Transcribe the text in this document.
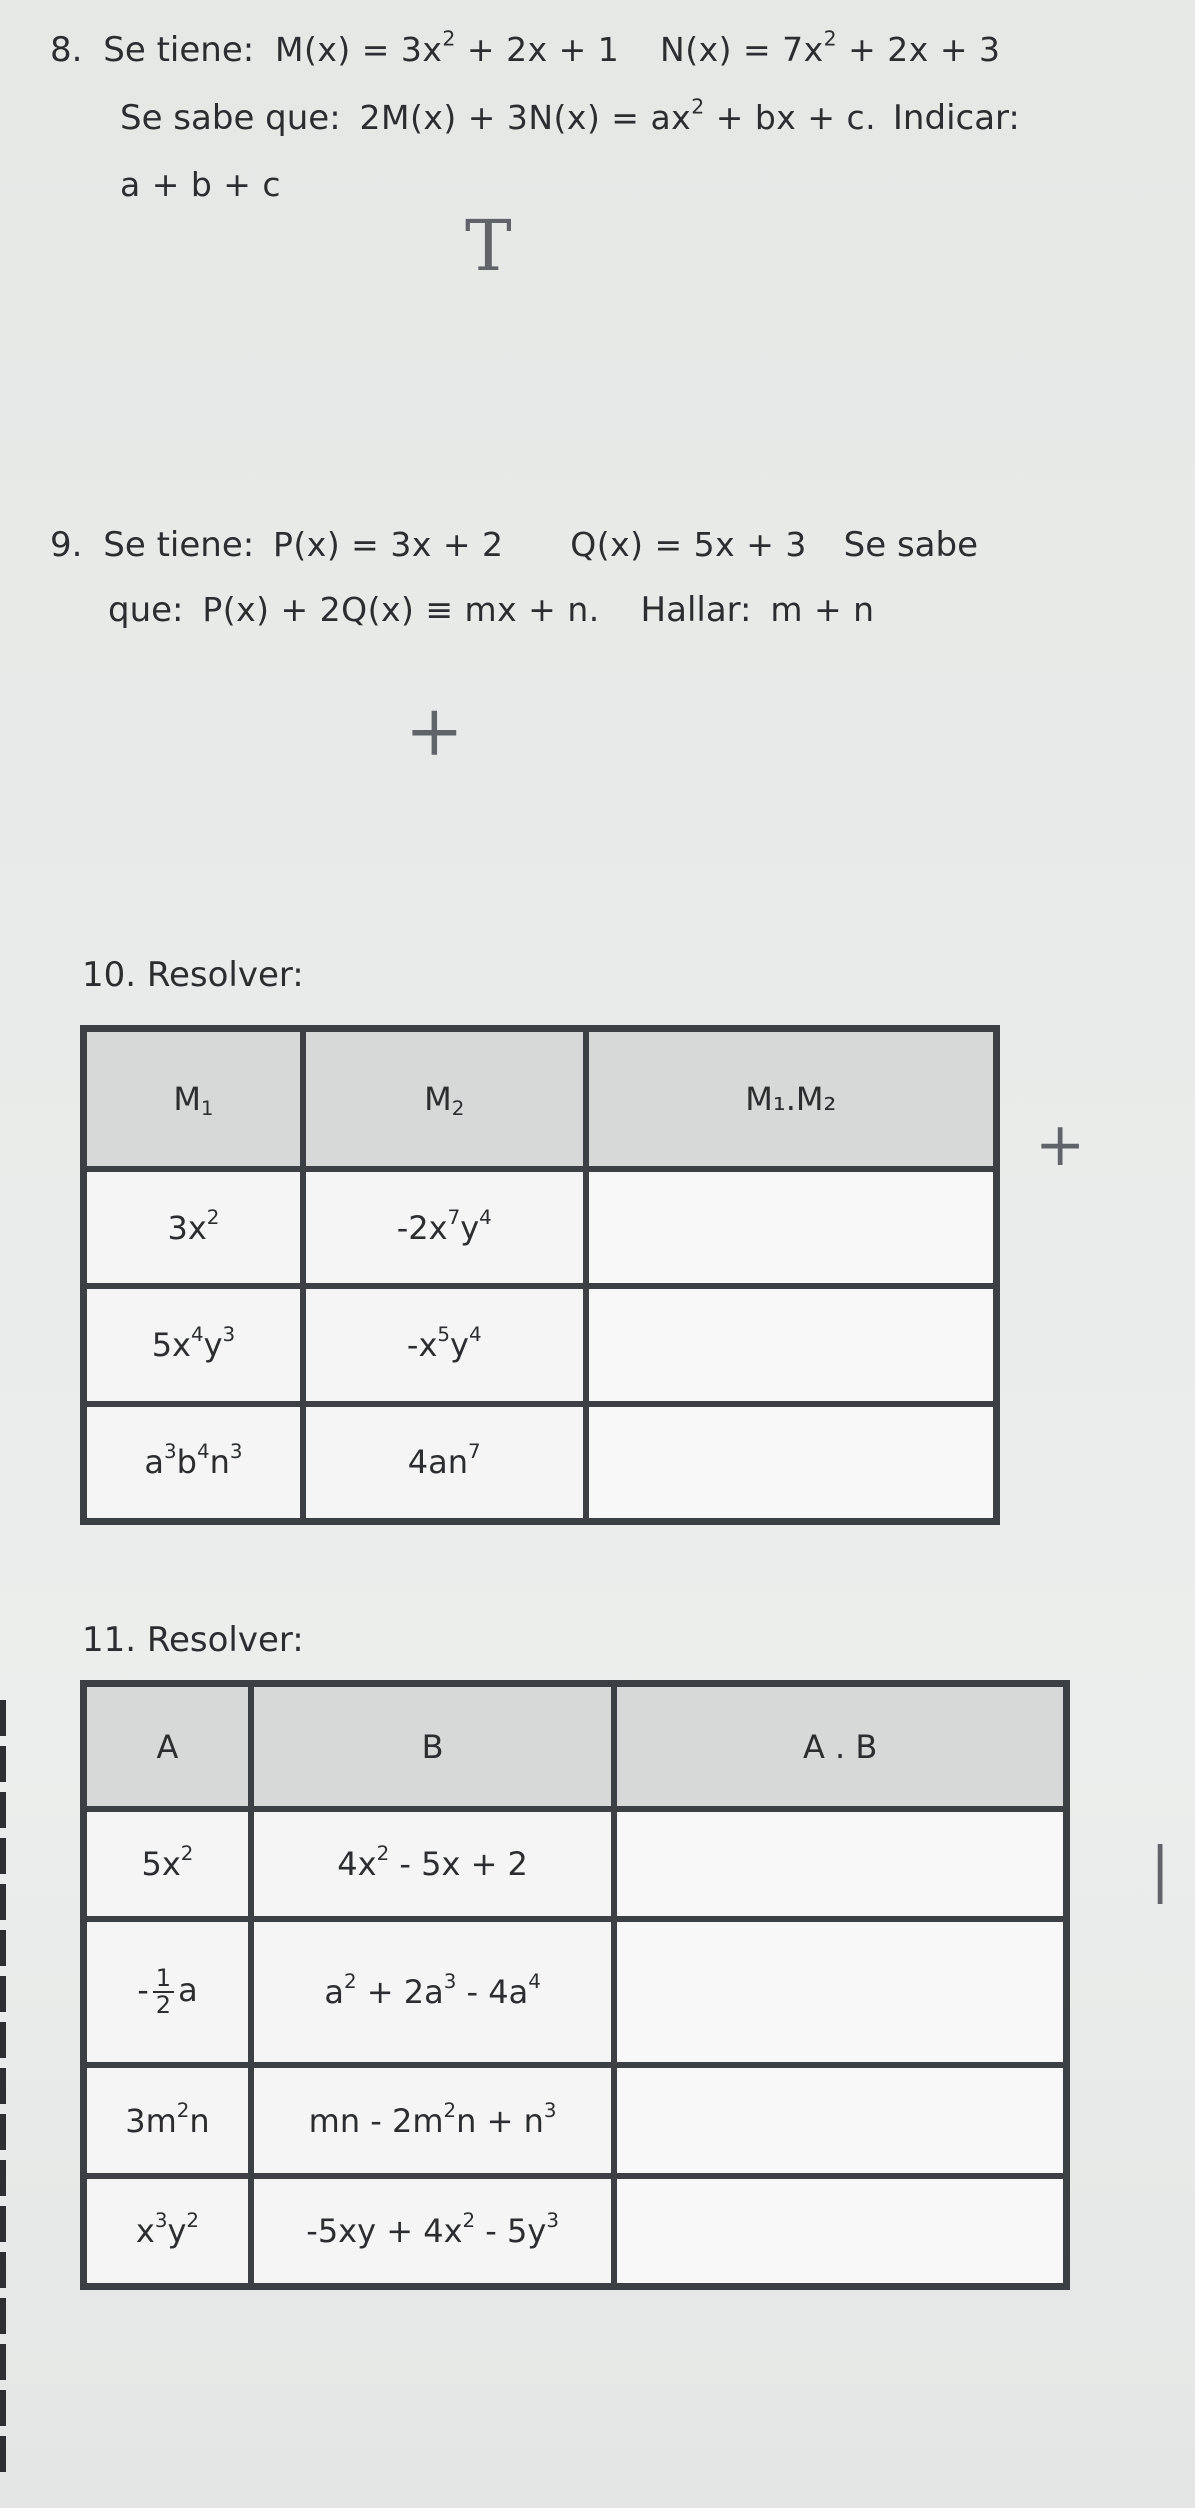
8. Se tiene: $M(x) = 3x^2 + 2x + 1$ $N(x) = 7x^2 + 2x + 3$
Se sabe que: $2M(x) + 3N(x) = ax^2$ + bx + c. Indicar:
a + b + c
T
9. Se tiene: P(x) = 3x + 2 Q(x) = 5x + 3 Se sabe
que: P(x) + 2Q(x) ≡ mx + n. Hallar: m + n
+
10. Resolver:
$M_1$	$M_2$	M₁.M₂
$3x^2$	$-2x^7y^4$	
$5x^4y^3$	$-x^5y^4$	
$a^3b^4n^3$	$4an^7$	
+
11. Resolver:
A	B	A . B
$5x^2$	$4x^2 - 5x + 2$	
- $\frac{1}{2}$ a	$a^2 + 2a^3 - 4a^4$	
$3m^2n$	mn - $2m^2n + n^3$	
$x^3y^2$	$-5xy + 4x^2 - 5y^3$	
|
